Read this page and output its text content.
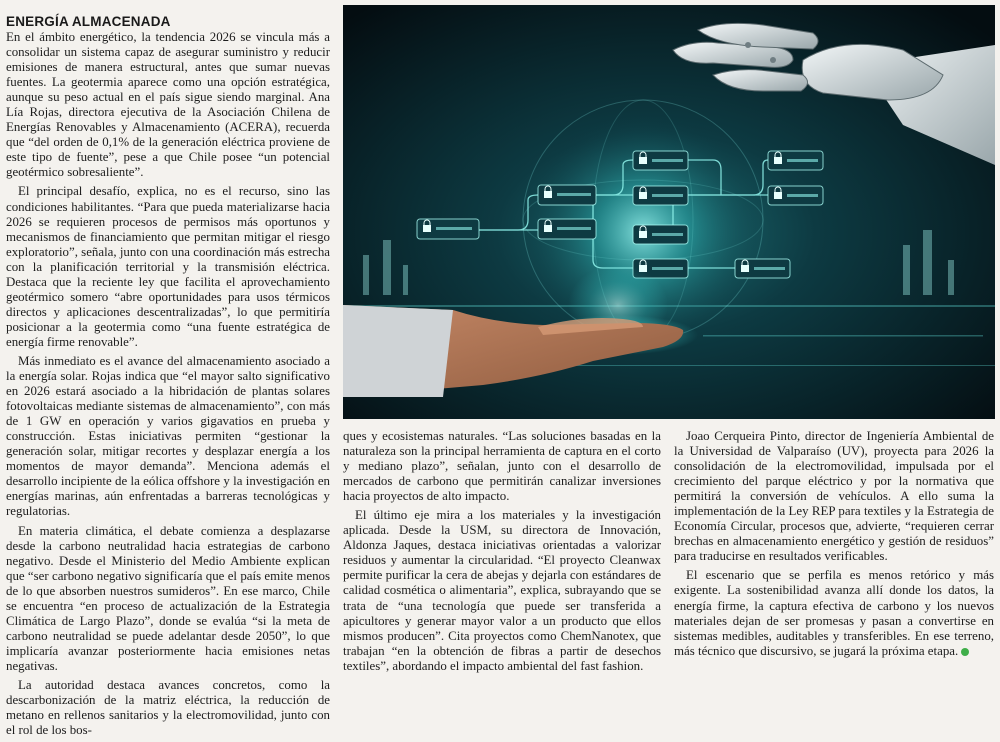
ENERGÍA ALMACENADA

En el ámbito energético, la tendencia 2026 se vincula más a consolidar un sistema capaz de asegurar suministro y reducir emisiones de manera estructural, antes que sumar nuevas fuentes. La geotermia aparece como una opción estratégica, aunque su peso actual en el país sigue siendo marginal. Ana Lía Rojas, directora ejecutiva de la Asociación Chilena de Energías Renovables y Almacenamiento (ACERA), recuerda que “del orden de 0,1% de la generación eléctrica proviene de este tipo de fuente”, pese a que Chile posee “un potencial geotérmico sobresaliente”.

El principal desafío, explica, no es el recurso, sino las condiciones habilitantes. “Para que pueda materializarse hacia 2026 se requieren procesos de permisos más oportunos y mecanismos de financiamiento que permitan mitigar el riesgo exploratorio”, señala, junto con una coordinación más estrecha con la planificación territorial y la transmisión eléctrica. Destaca que la reciente ley que facilita el aprovechamiento geotérmico somero “abre oportunidades para usos térmicos directos y aplicaciones descentralizadas”, lo que permitiría posicionar a la geotermia como “una fuente estratégica de energía firme renovable”.

Más inmediato es el avance del almacenamiento asociado a la energía solar. Rojas indica que “el mayor salto significativo en 2026 estará asociado a la hibridación de plantas solares fotovoltaicas mediante sistemas de almacenamiento”, con más de 1 GW en operación y varios gigavatios en prueba y construcción. Estas iniciativas permiten “gestionar la generación solar, mitigar recortes y desplazar energía a los momentos de mayor demanda”. Menciona además el desarrollo incipiente de la eólica offshore y la investigación en energías marinas, aún enfrentadas a barreras tecnológicas y regulatorias.

En materia climática, el debate comienza a desplazarse desde la carbono neutralidad hacia estrategias de carbono negativo. Desde el Ministerio del Medio Ambiente explican que “ser carbono negativo significaría que el país emite menos de lo que absorben nuestros sumideros”. En ese marco, Chile se encuentra “en proceso de actualización de la Estrategia Climática de Largo Plazo”, donde se evalúa “si la meta de carbono neutralidad se puede adelantar desde 2050”, lo que implicaría avanzar posteriormente hacia emisiones netas negativas.

La autoridad destaca avances concretos, como la descarbonización de la matriz eléctrica, la reducción de metano en rellenos sanitarios y la electromovilidad, junto con el rol de los bos-

ques y ecosistemas naturales. “Las soluciones basadas en la naturaleza son la principal herramienta de captura en el corto y mediano plazo”, señalan, junto con el desarrollo de mercados de carbono que permitirán canalizar inversiones hacia proyectos de alto impacto.

El último eje mira a los materiales y la investigación aplicada. Desde la USM, su directora de Innovación, Aldonza Jaques, destaca iniciativas orientadas a valorizar residuos y aumentar la circularidad. “El proyecto Cleanwax permite purificar la cera de abejas y dejarla con estándares de calidad cosmética o alimentaria”, explica, subrayando que se trata de “una tecnología que puede ser transferida a apicultores y generar mayor valor a un producto que ellos mismos producen”. Cita proyectos como ChemNanotex, que trabajan “en la obtención de fibras a partir de desechos textiles”, abordando el impacto ambiental del fast fashion.

Joao Cerqueira Pinto, director de Ingeniería Ambiental de la Universidad de Valparaíso (UV), proyecta para 2026 la consolidación de la electromovilidad, impulsada por el crecimiento del parque eléctrico y por la normativa que permitirá la conversión de vehículos. A ello suma la implementación de la Ley REP para textiles y la Estrategia de Economía Circular, procesos que, advierte, “requieren cerrar brechas en almacenamiento energético y gestión de residuos” para traducirse en resultados verificables.

El escenario que se perfila es menos retórico y más exigente. La sostenibilidad avanza allí donde los datos, la energía firme, la captura efectiva de carbono y los nuevos materiales dejan de ser promesas y pasan a convertirse en sistemas medibles, auditables y transferibles. En ese terreno, más técnico que discursivo, se jugará la próxima etapa.
